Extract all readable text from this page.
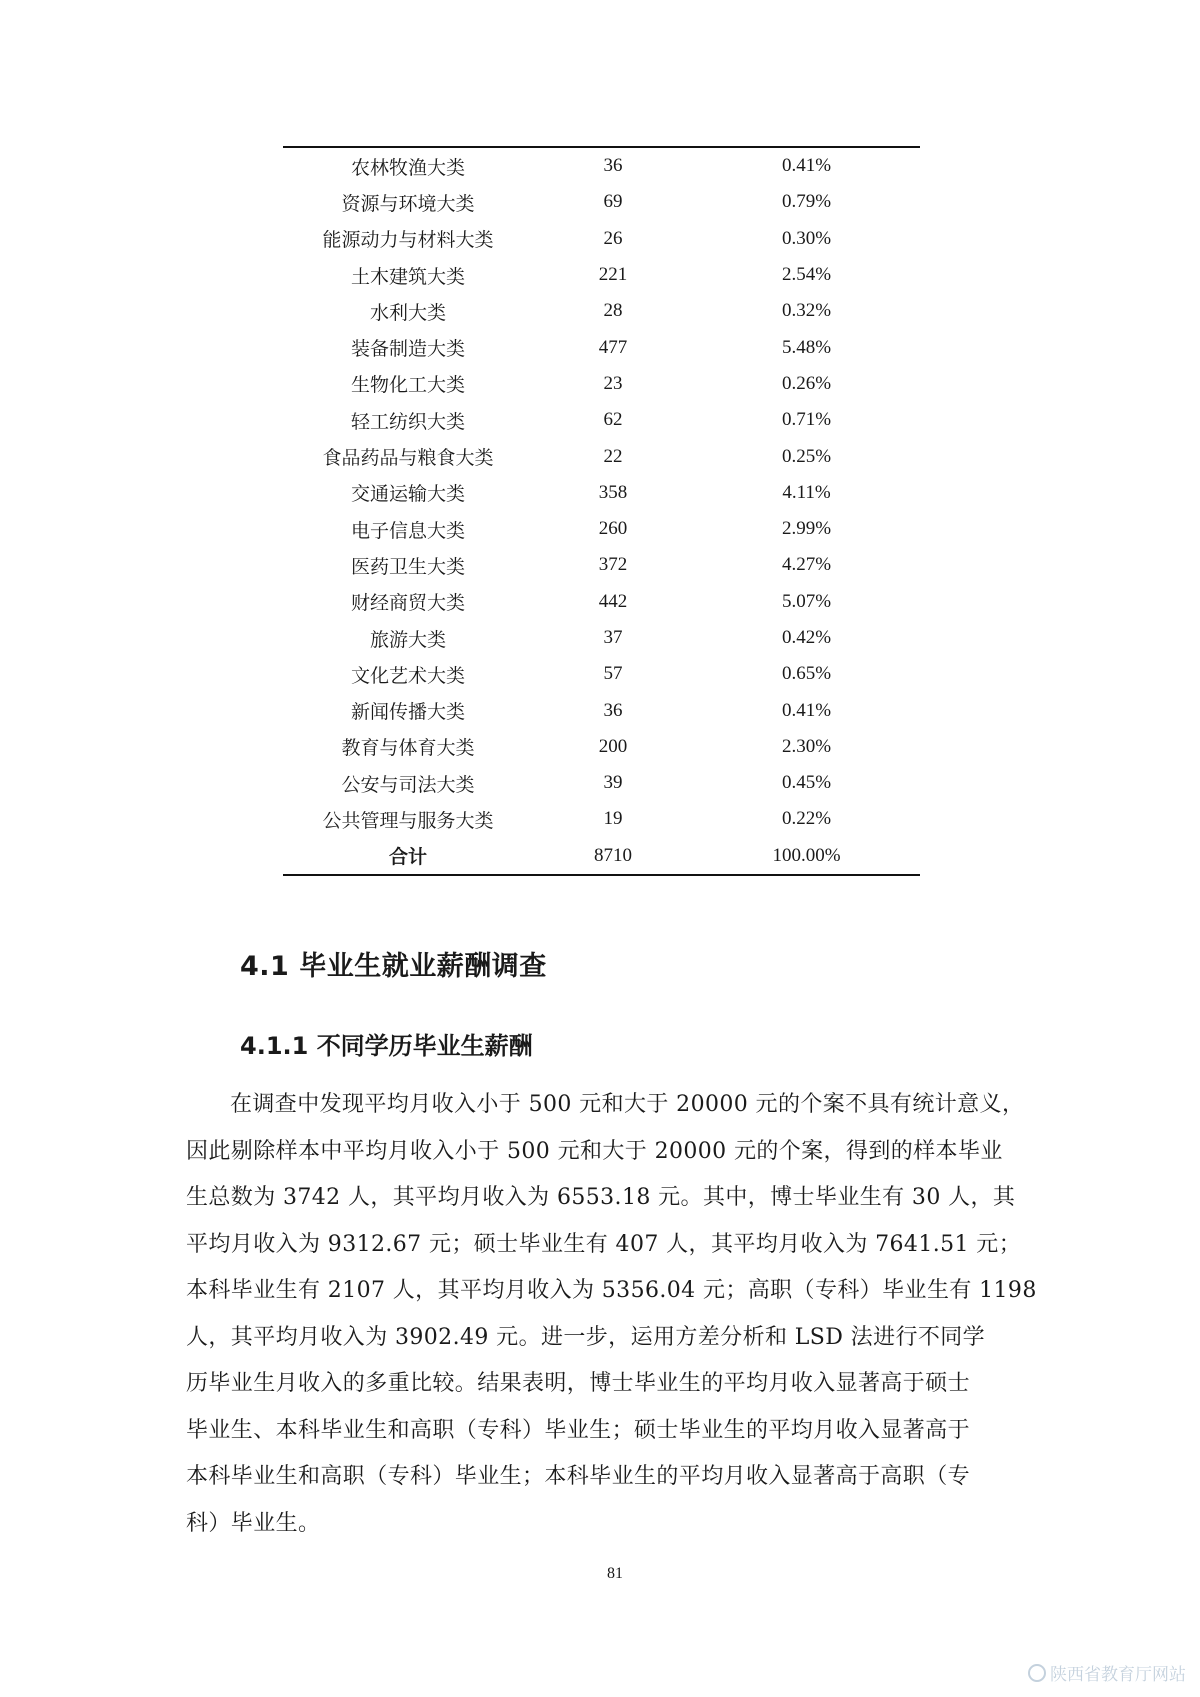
农林牧渔大类	36	0.41%
资源与环境大类	69	0.79%
能源动力与材料大类	26	0.30%
土木建筑大类	221	2.54%
水利大类	28	0.32%
装备制造大类	477	5.48%
生物化工大类	23	0.26%
轻工纺织大类	62	0.71%
食品药品与粮食大类	22	0.25%
交通运输大类	358	4.11%
电子信息大类	260	2.99%
医药卫生大类	372	4.27%
财经商贸大类	442	5.07%
旅游大类	37	0.42%
文化艺术大类	57	0.65%
新闻传播大类	36	0.41%
教育与体育大类	200	2.30%
公安与司法大类	39	0.45%
公共管理与服务大类	19	0.22%
合计	8710	100.00%
4.1 毕业生就业薪酬调查
4.1.1 不同学历毕业生薪酬
在调查中发现平均月收入小于 500 元和大于 20000 元的个案不具有统计意义，
因此剔除样本中平均月收入小于 500 元和大于 20000 元的个案，得到的样本毕业
生总数为 3742 人，其平均月收入为 6553.18 元。其中，博士毕业生有 30 人，其
平均月收入为 9312.67 元；硕士毕业生有 407 人，其平均月收入为 7641.51 元；
本科毕业生有 2107 人，其平均月收入为 5356.04 元；高职（专科）毕业生有 1198
人，其平均月收入为 3902.49 元。进一步，运用方差分析和 LSD 法进行不同学
历毕业生月收入的多重比较。结果表明，博士毕业生的平均月收入显著高于硕士
毕业生、本科毕业生和高职（专科）毕业生；硕士毕业生的平均月收入显著高于
本科毕业生和高职（专科）毕业生；本科毕业生的平均月收入显著高于高职（专
科）毕业生。
81
陕西省教育厅网站
